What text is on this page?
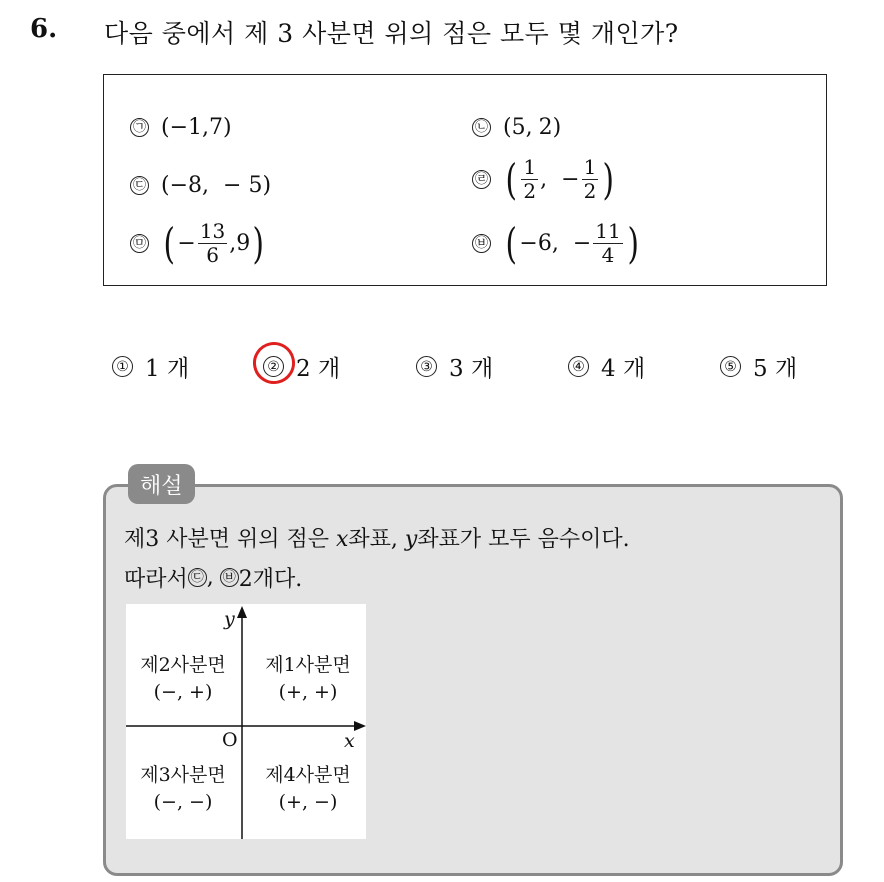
6. 다음 중에서 제 3 사분면 위의 점은 모두 몇 개인가?
㉠ ( −1 , 7 )	㉡ ( 5 , 2 )
㉢ ( −8 , − 5 )	㉣ ( $\frac{1}{2}$ , − $\frac{1}{2}$ )
㉤ ( − $\frac{13}{6}$ , 9 )	㉥ ( −6 , − $\frac{11}{4}$ )
① 1 개	② 2 개	③ 3 개	④ 4 개	⑤ 5 개
해설
제3 사분면 위의 점은 x좌표, y좌표가 모두 음수이다.
따라서 ㉢ , ㉥ 2개다.
y
x
O
제2사분면
(−, +)
제1사분면
(+, +)
제3사분면
(−, −)
제4사분면
(+, −)
